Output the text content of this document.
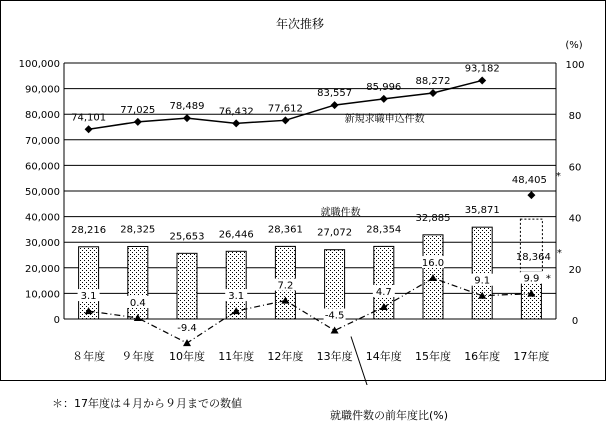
年次推移
(%)
0
10,000
20,000
30,000
40,000
50,000
60,000
70,000
80,000
90,000
100,000
0
20
40
60
80
100
８年度 ９年度 10年度 11年度 12年度 13年度 14年度 15年度 16年度 17年度
28,216 28,325
25,653 26,446 28,361 27,072 28,354
32,885
35,871
18,364 *
就職件数
74,101
77,025 78,489 76,432 77,612
83,557
85,996
88,272
93,182
48,405 *
新規求職申込件数
3.1
0.4
-9.4
3.1
7.2
-4.5
4.7
16.0
9.1	9.9 *
＊：17年度は４月から９月までの数値
就職件数の前年度比(%)
